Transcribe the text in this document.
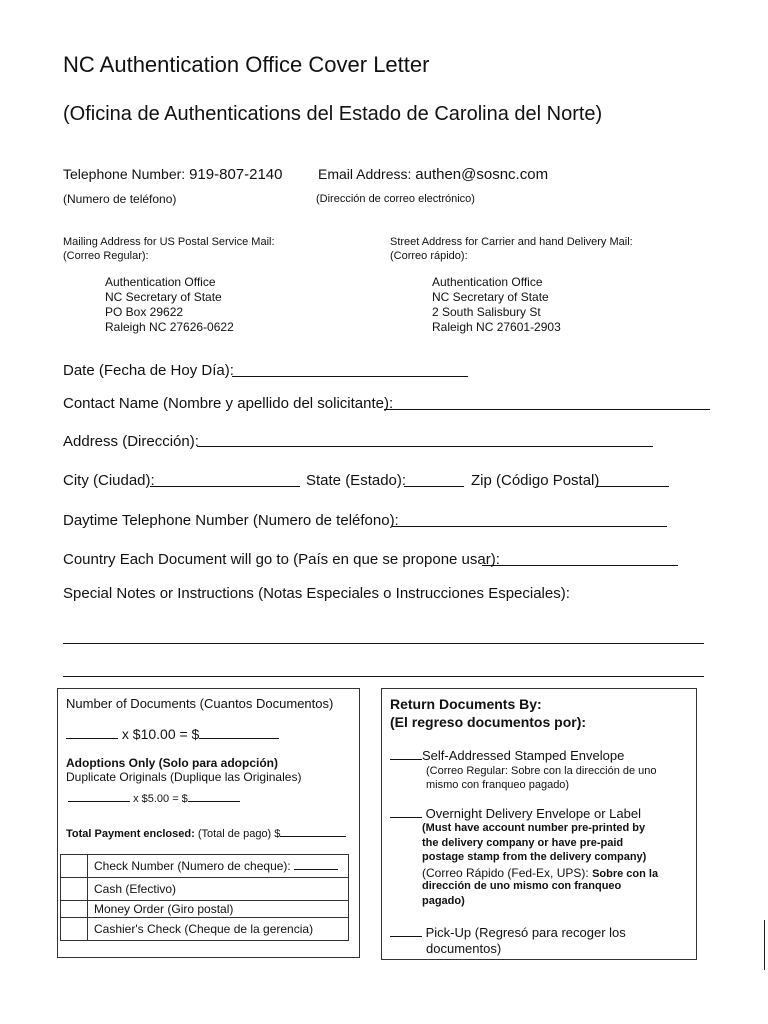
NC Authentication Office Cover Letter
(Oficina de Authentications del Estado de Carolina del Norte)
Telephone Number: 919-807-2140
(Numero de teléfono)
Email Address: authen@sosnc.com
(Dirección de correo electrónico)
Mailing Address for US Postal Service Mail:
(Correo Regular):
Authentication Office
NC Secretary of State
PO Box 29622
Raleigh NC 27626-0622
Street Address for Carrier and hand Delivery Mail:
(Correo rápido):
Authentication Office
NC Secretary of State
2 South Salisbury St
Raleigh NC 27601-2903
Date (Fecha de Hoy Día):
Contact Name (Nombre y apellido del solicitante):
Address (Dirección):
City (Ciudad):	State (Estado):	Zip (Código Postal)
Daytime Telephone Number (Numero de teléfono):
Country Each Document will go to (País en que se propone usar):
Special Notes or Instructions (Notas Especiales o Instrucciones Especiales):
Number of Documents (Cuantos Documentos)
x $10.00 = $
Adoptions Only (Solo para adopción)
Duplicate Originals (Duplique las Originales)
x $5.00 = $
Total Payment enclosed: (Total de pago) $
	Check Number (Numero de cheque):
	Cash (Efectivo)
	Money Order (Giro postal)
	Cashier's Check (Cheque de la gerencia)
Return Documents By:
(El regreso documentos por):
Self-Addressed Stamped Envelope
(Correo Regular: Sobre con la dirección de uno
mismo con franqueo pagado)
Overnight Delivery Envelope or Label
(Must have account number pre-printed by
the delivery company or have pre-paid
postage stamp from the delivery company)
(Correo Rápido (Fed-Ex, UPS): Sobre con la
dirección de uno mismo con franqueo
pagado)
Pick-Up (Regresó para recoger los
documentos)
